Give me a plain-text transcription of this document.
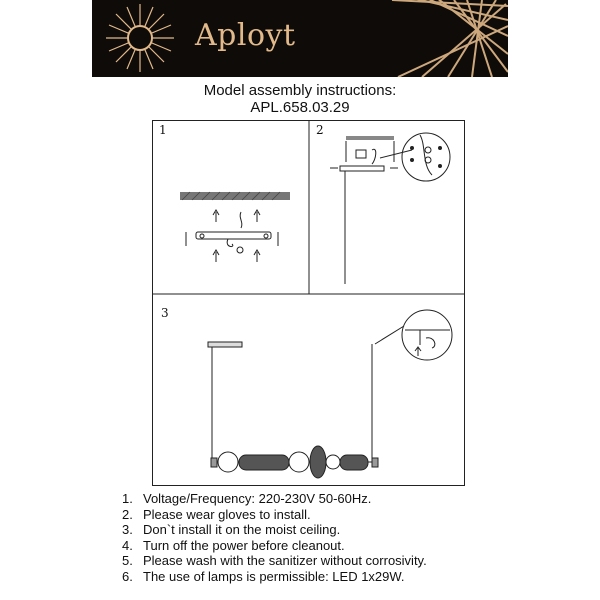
Aployt
Model assembly instructions:
APL.658.03.29
1	2
3
1. Voltage/Frequency: 220-230V 50-60Hz.
2. Please wear gloves to install.
3. Don`t install it on the moist ceiling.
4. Turn off the power before cleanout.
5. Please wash with the sanitizer without corrosivity.
6. The use of lamps is permissible: LED 1x29W.
